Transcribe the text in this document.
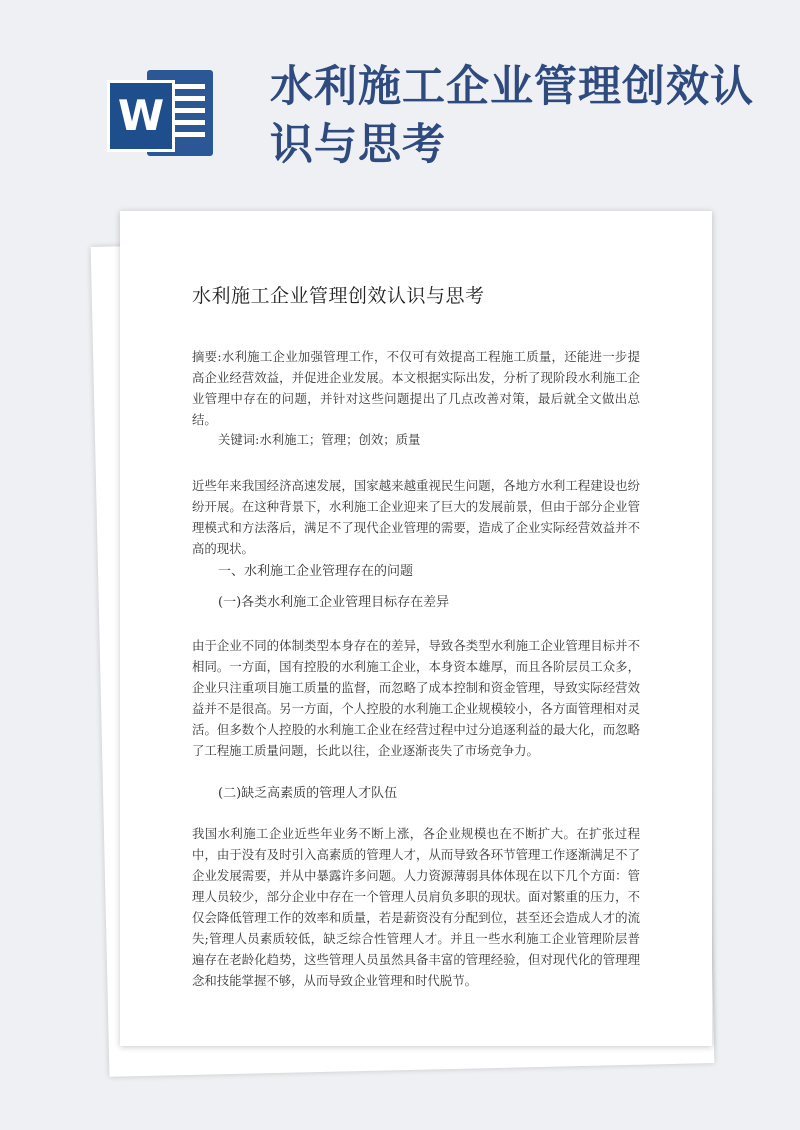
W
水利施工企业管理创效认识与思考
水利施工企业管理创效认识与思考

摘要:水利施工企业加强管理工作，不仅可有效提高工程施工质量，还能进一步提高企业经营效益，并促进企业发展。本文根据实际出发，分析了现阶段水利施工企业管理中存在的问题，并针对这些问题提出了几点改善对策，最后就全文做出总结。

关键词:水利施工；管理；创效；质量

近些年来我国经济高速发展，国家越来越重视民生问题，各地方水利工程建设也纷纷开展。在这种背景下，水利施工企业迎来了巨大的发展前景，但由于部分企业管理模式和方法落后，满足不了现代企业管理的需要，造成了企业实际经营效益并不高的现状。

一、水利施工企业管理存在的问题

(一)各类水利施工企业管理目标存在差异

由于企业不同的体制类型本身存在的差异，导致各类型水利施工企业管理目标并不相同。一方面，国有控股的水利施工企业，本身资本雄厚，而且各阶层员工众多，企业只注重项目施工质量的监督，而忽略了成本控制和资金管理，导致实际经营效益并不是很高。另一方面，个人控股的水利施工企业规模较小，各方面管理相对灵活。但多数个人控股的水利施工企业在经营过程中过分追逐利益的最大化，而忽略了工程施工质量问题，长此以往，企业逐渐丧失了市场竞争力。

(二)缺乏高素质的管理人才队伍

我国水利施工企业近些年业务不断上涨，各企业规模也在不断扩大。在扩张过程中，由于没有及时引入高素质的管理人才，从而导致各环节管理工作逐渐满足不了企业发展需要，并从中暴露许多问题。人力资源薄弱具体体现在以下几个方面：管理人员较少，部分企业中存在一个管理人员肩负多职的现状。面对繁重的压力，不仅会降低管理工作的效率和质量，若是薪资没有分配到位，甚至还会造成人才的流失;管理人员素质较低，缺乏综合性管理人才。并且一些水利施工企业管理阶层普遍存在老龄化趋势，这些管理人员虽然具备丰富的管理经验，但对现代化的管理理念和技能掌握不够，从而导致企业管理和时代脱节。
